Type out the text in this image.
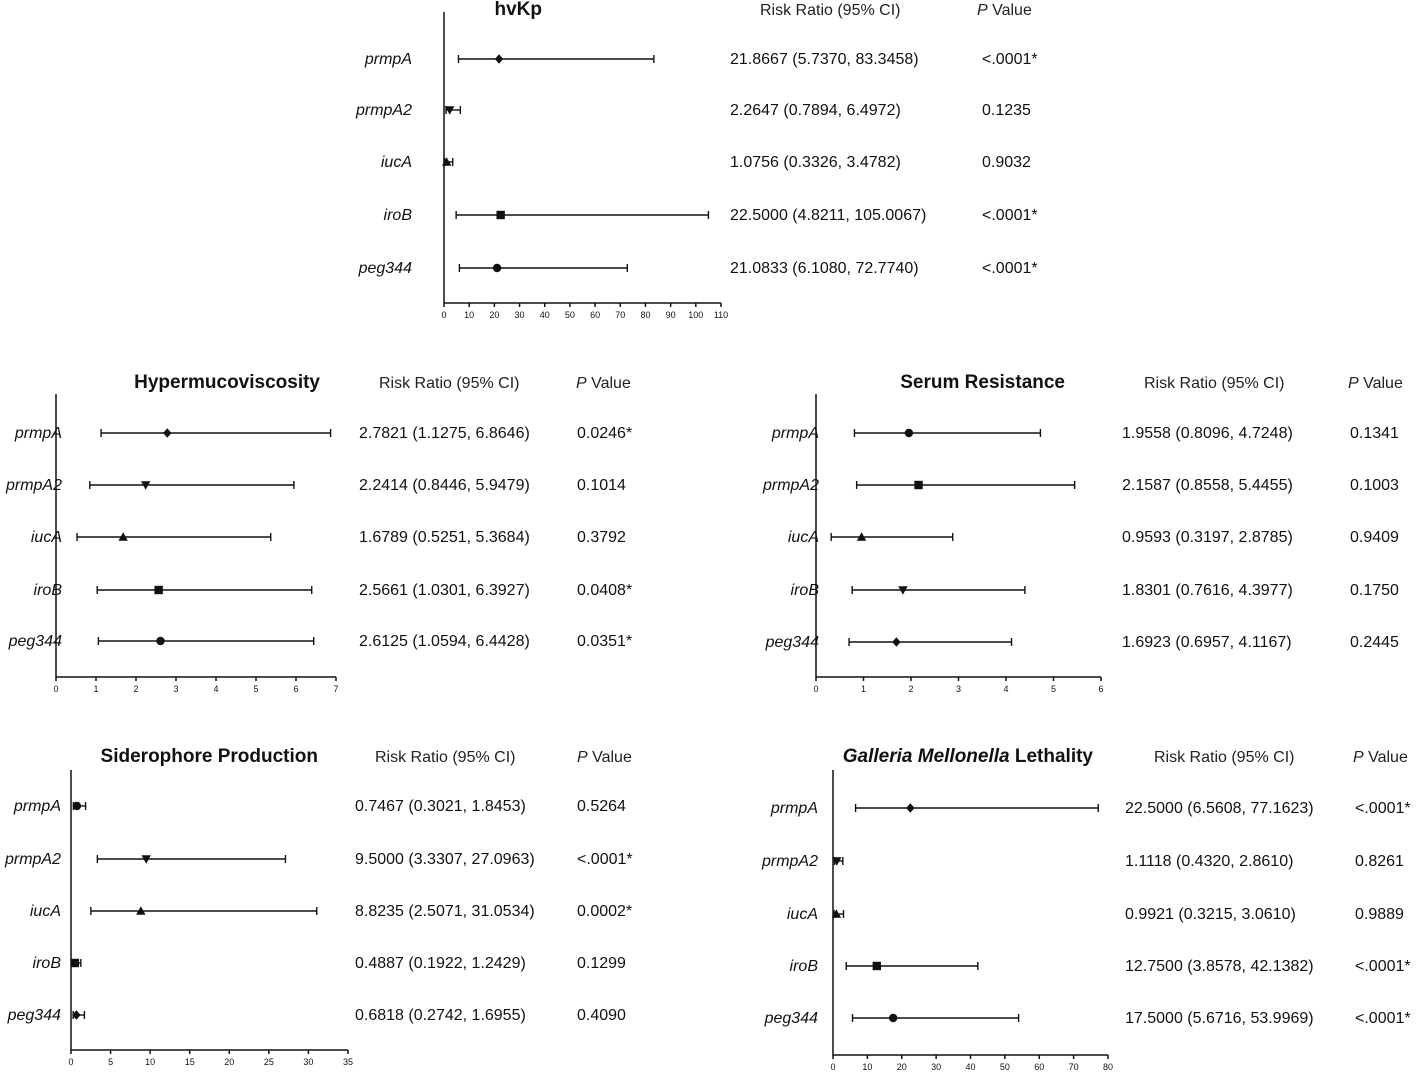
hvKp	Risk Ratio (95% CI)	P Value
0 10 20 30 40 50 60 70 80 90 100 110
prmpA	21.8667 (5.7370, 83.3458)	<.0001*
prmpA2	2.2647 (0.7894, 6.4972)	0.1235
iucA	1.0756 (0.3326, 3.4782)	0.9032
iroB	22.5000 (4.8211, 105.0067)	<.0001*
peg344	21.0833 (6.1080, 72.7740)	<.0001*
Hypermucoviscosity	Risk Ratio (95% CI)	P Value
0	1	2	3	4	5	6	7
prmpA	2.7821 (1.1275, 6.8646)	0.0246*
prmpA2	2.2414 (0.8446, 5.9479)	0.1014
iucA	1.6789 (0.5251, 5.3684)	0.3792
iroB	2.5661 (1.0301, 6.3927)	0.0408*
peg344	2.6125 (1.0594, 6.4428)	0.0351*
Serum Resistance	Risk Ratio (95% CI)	P Value
0	1	2	3	4	5	6
prmpA	1.9558 (0.8096, 4.7248)	0.1341
prmpA2	2.1587 (0.8558, 5.4455)	0.1003
iucA	0.9593 (0.3197, 2.8785)	0.9409
iroB	1.8301 (0.7616, 4.3977)	0.1750
peg344	1.6923 (0.6957, 4.1167)	0.2445
Siderophore Production	Risk Ratio (95% CI)	P Value
0	5	10	15	20	25	30	35
prmpA	0.7467 (0.3021, 1.8453)	0.5264
prmpA2	9.5000 (3.3307, 27.0963)	<.0001*
iucA	8.8235 (2.5071, 31.0534)	0.0002*
iroB	0.4887 (0.1922, 1.2429)	0.1299
peg344	0.6818 (0.2742, 1.6955)	0.4090
Galleria Mellonella Lethality	Risk Ratio (95% CI)	P Value
0	10	20	30	40	50	60	70	80
prmpA	22.5000 (6.5608, 77.1623)	<.0001*
prmpA2	1.1118 (0.4320, 2.8610)	0.8261
iucA	0.9921 (0.3215, 3.0610)	0.9889
iroB	12.7500 (3.8578, 42.1382)	<.0001*
peg344	17.5000 (5.6716, 53.9969)	<.0001*
